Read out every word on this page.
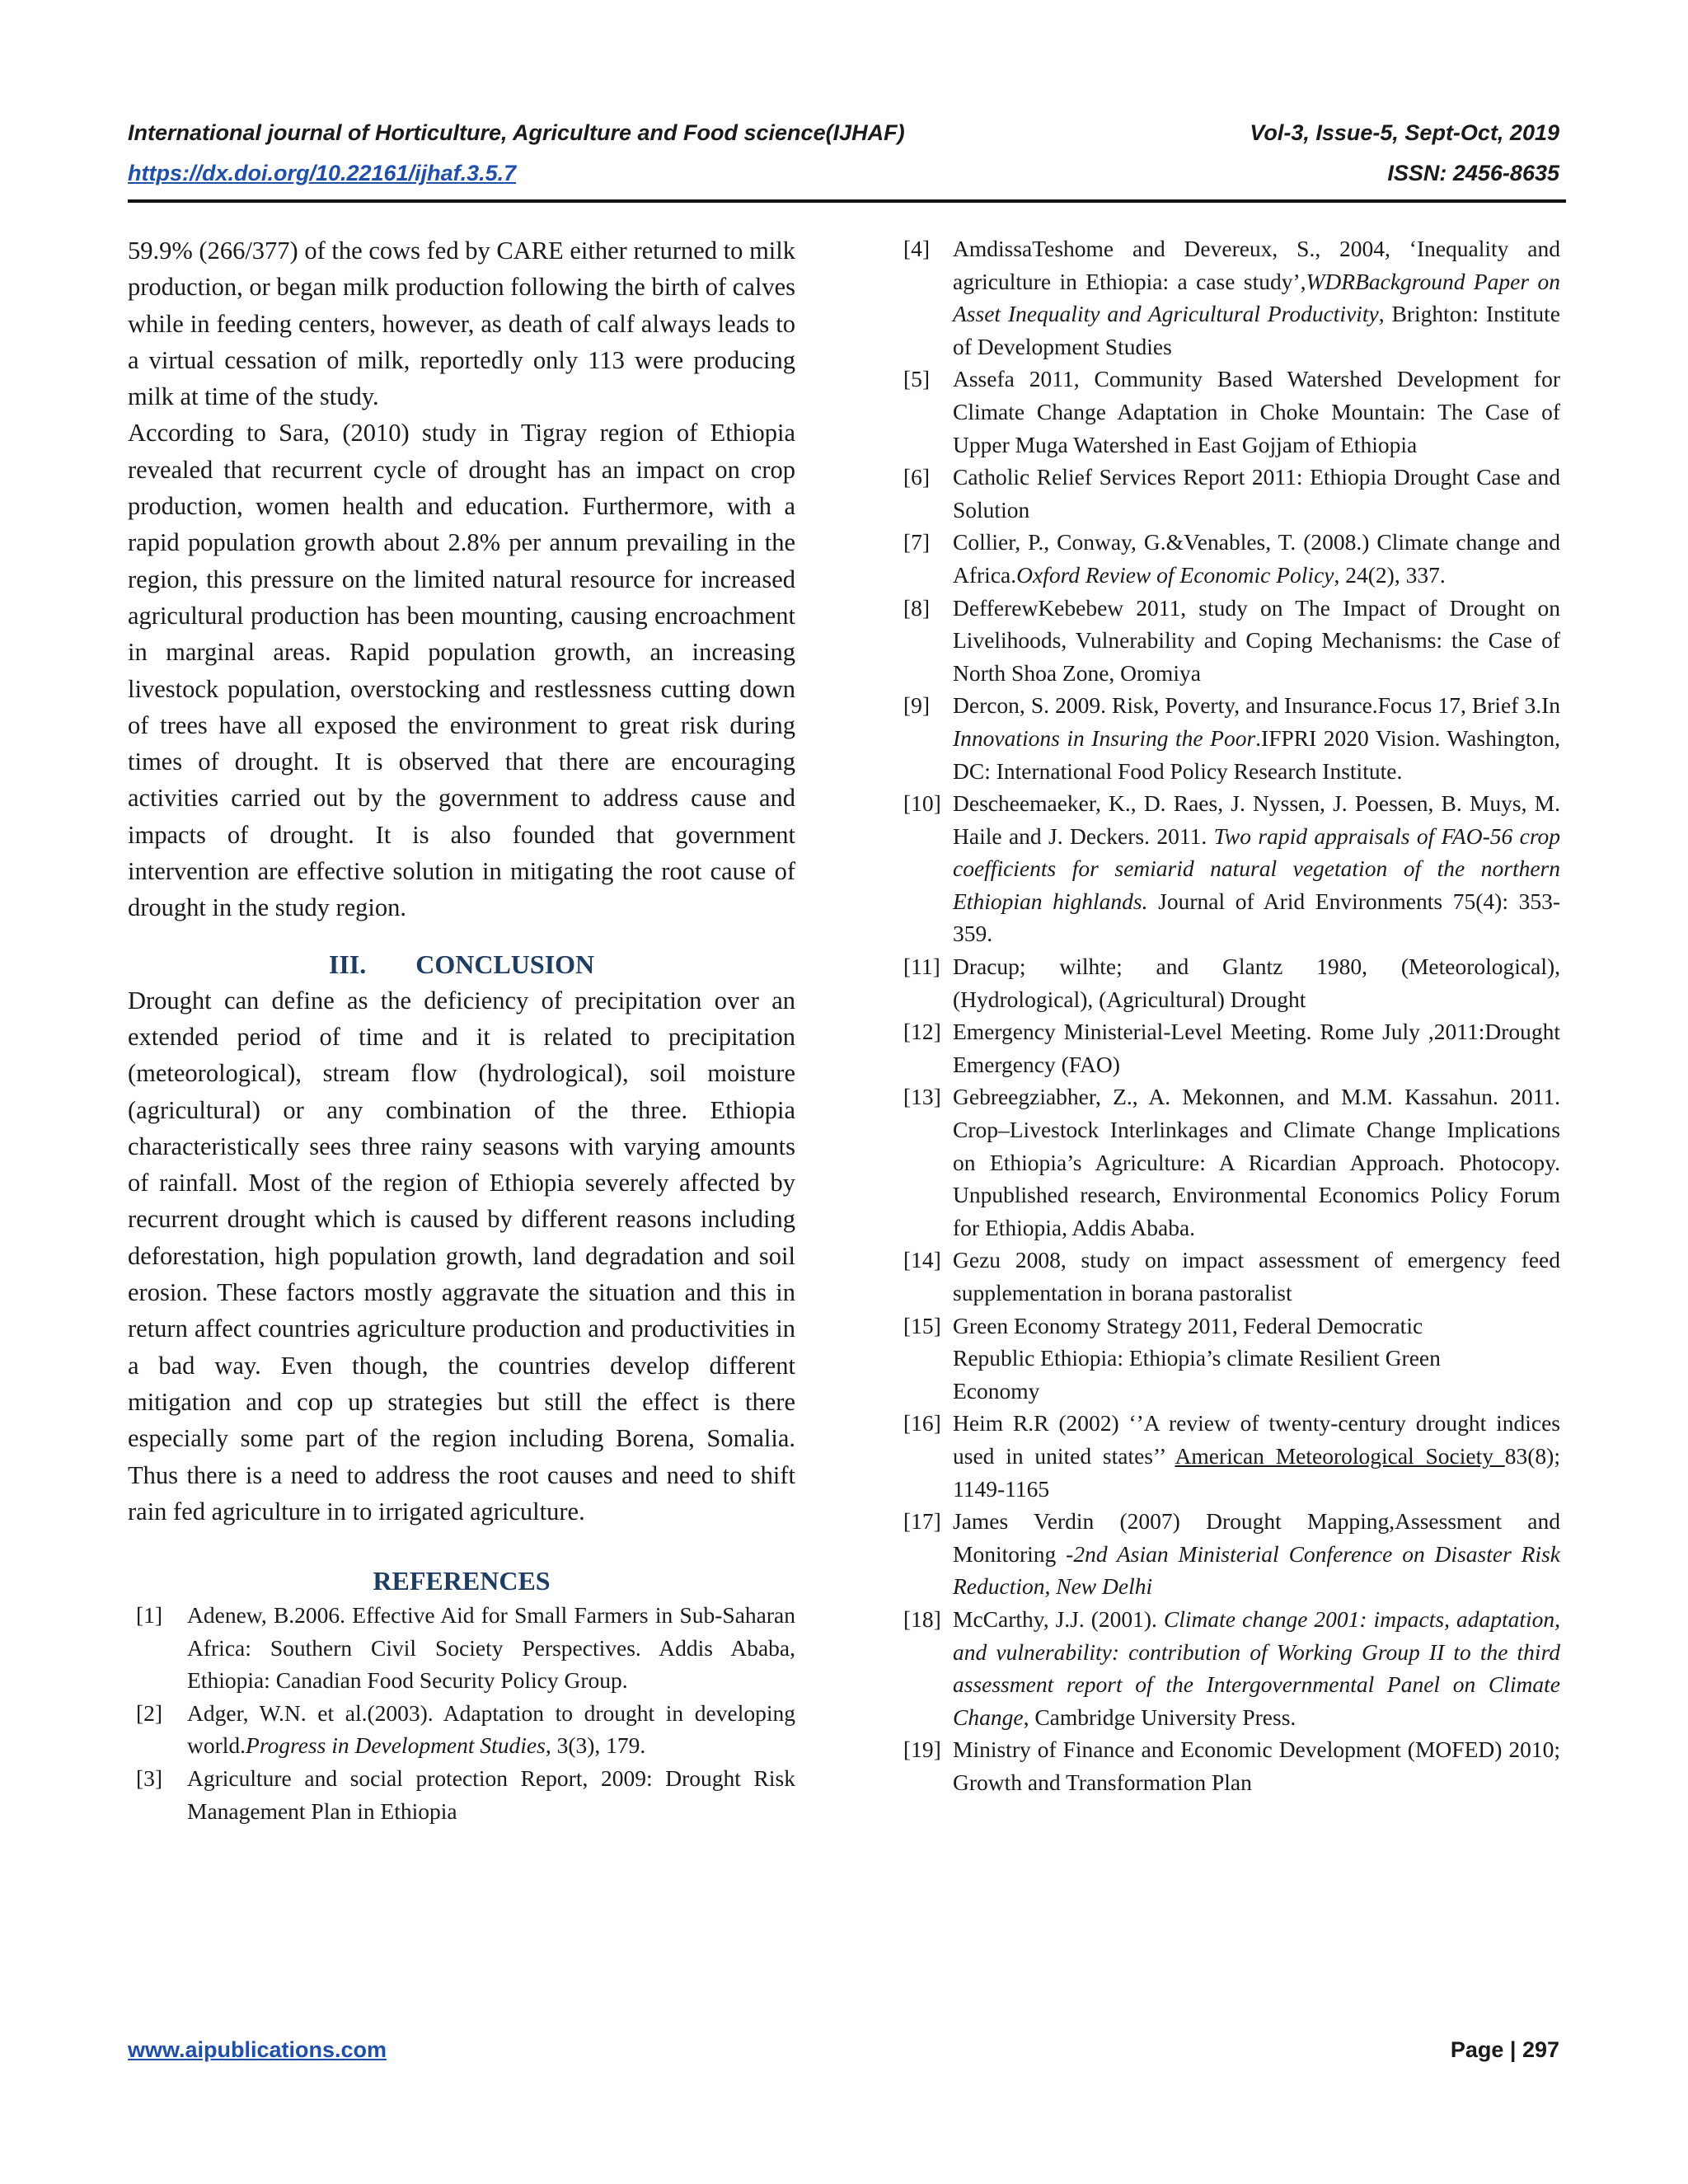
International journal of Horticulture, Agriculture and Food science(IJHAF)	Vol-3, Issue-5, Sept-Oct, 2019
https://dx.doi.org/10.22161/ijhaf.3.5.7	ISSN: 2456-8635

59.9% (266/377) of the cows fed by CARE either returned to milk production, or began milk production following the birth of calves while in feeding centers, however, as death of calf always leads to a virtual cessation of milk, reportedly only 113 were producing milk at time of the study.

According to Sara, (2010) study in Tigray region of Ethiopia revealed that recurrent cycle of drought has an impact on crop production, women health and education. Furthermore, with a rapid population growth about 2.8% per annum prevailing in the region, this pressure on the limited natural resource for increased agricultural production has been mounting, causing encroachment in marginal areas. Rapid population growth, an increasing livestock population, overstocking and restlessness cutting down of trees have all exposed the environment to great risk during times of drought. It is observed that there are encouraging activities carried out by the government to address cause and impacts of drought. It is also founded that government intervention are effective solution in mitigating the root cause of drought in the study region.

III. CONCLUSION

Drought can define as the deficiency of precipitation over an extended period of time and it is related to precipitation (meteorological), stream flow (hydrological), soil moisture (agricultural) or any combination of the three. Ethiopia characteristically sees three rainy seasons with varying amounts of rainfall. Most of the region of Ethiopia severely affected by recurrent drought which is caused by different reasons including deforestation, high population growth, land degradation and soil erosion. These factors mostly aggravate the situation and this in return affect countries agriculture production and productivities in a bad way. Even though, the countries develop different mitigation and cop up strategies but still the effect is there especially some part of the region including Borena, Somalia. Thus there is a need to address the root causes and need to shift rain fed agriculture in to irrigated agriculture.

REFERENCES
[1]	Adenew, B.2006. Effective Aid for Small Farmers in Sub-Saharan Africa: Southern Civil Society Perspectives. Addis Ababa, Ethiopia: Canadian Food Security Policy Group.
[2]	Adger, W.N. et al.(2003). Adaptation to drought in developing world.Progress in Development Studies, 3(3), 179.
[3]	Agriculture and social protection Report, 2009: Drought Risk Management Plan in Ethiopia
[4]	AmdissaTeshome and Devereux, S., 2004, ‘Inequality and agriculture in Ethiopia: a case study’,WDRBackground Paper on Asset Inequality and Agricultural Productivity, Brighton: Institute of Development Studies
[5]	Assefa 2011, Community Based Watershed Development for Climate Change Adaptation in Choke Mountain: The Case of Upper Muga Watershed in East Gojjam of Ethiopia
[6]	Catholic Relief Services Report 2011: Ethiopia Drought Case and Solution
[7]	Collier, P., Conway, G.&Venables, T. (2008.) Climate change and Africa.Oxford Review of Economic Policy, 24(2), 337.
[8]	DefferewKebebew 2011, study on The Impact of Drought on Livelihoods, Vulnerability and Coping Mechanisms: the Case of North Shoa Zone, Oromiya
[9]	Dercon, S. 2009. Risk, Poverty, and Insurance.Focus 17, Brief 3.In Innovations in Insuring the Poor.IFPRI 2020 Vision. Washington, DC: International Food Policy Research Institute.
[10] Descheemaeker, K., D. Raes, J. Nyssen, J. Poessen, B. Muys, M. Haile and J. Deckers. 2011. Two rapid appraisals of FAO-56 crop coefficients for semiarid natural vegetation of the northern Ethiopian highlands. Journal of Arid Environments 75(4): 353-359.
[11] Dracup; wilhte; and Glantz 1980, (Meteorological), (Hydrological), (Agricultural) Drought
[12] Emergency Ministerial-Level Meeting. Rome July ,2011:Drought Emergency (FAO)
[13] Gebreegziabher, Z., A. Mekonnen, and M.M. Kassahun. 2011. Crop–Livestock Interlinkages and Climate Change Implications on Ethiopia’s Agriculture: A Ricardian Approach. Photocopy. Unpublished research, Environmental Economics Policy Forum for Ethiopia, Addis Ababa.
[14] Gezu 2008, study on impact assessment of emergency feed supplementation in borana pastoralist
[15] Green Economy Strategy 2011, Federal Democratic
Republic Ethiopia: Ethiopia’s climate Resilient Green
Economy
[16] Heim R.R (2002) ‘’A review of twenty-century drought indices used in united states’’ American Meteorological Society 83(8); 1149-1165
[17] James Verdin (2007) Drought Mapping,Assessment and Monitoring -2nd Asian Ministerial Conference on Disaster Risk Reduction, New Delhi
[18] McCarthy, J.J. (2001). Climate change 2001: impacts, adaptation, and vulnerability: contribution of Working Group II to the third assessment report of the Intergovernmental Panel on Climate Change, Cambridge University Press.
[19] Ministry of Finance and Economic Development (MOFED) 2010; Growth and Transformation Plan
www.aipublications.com	Page | 297
